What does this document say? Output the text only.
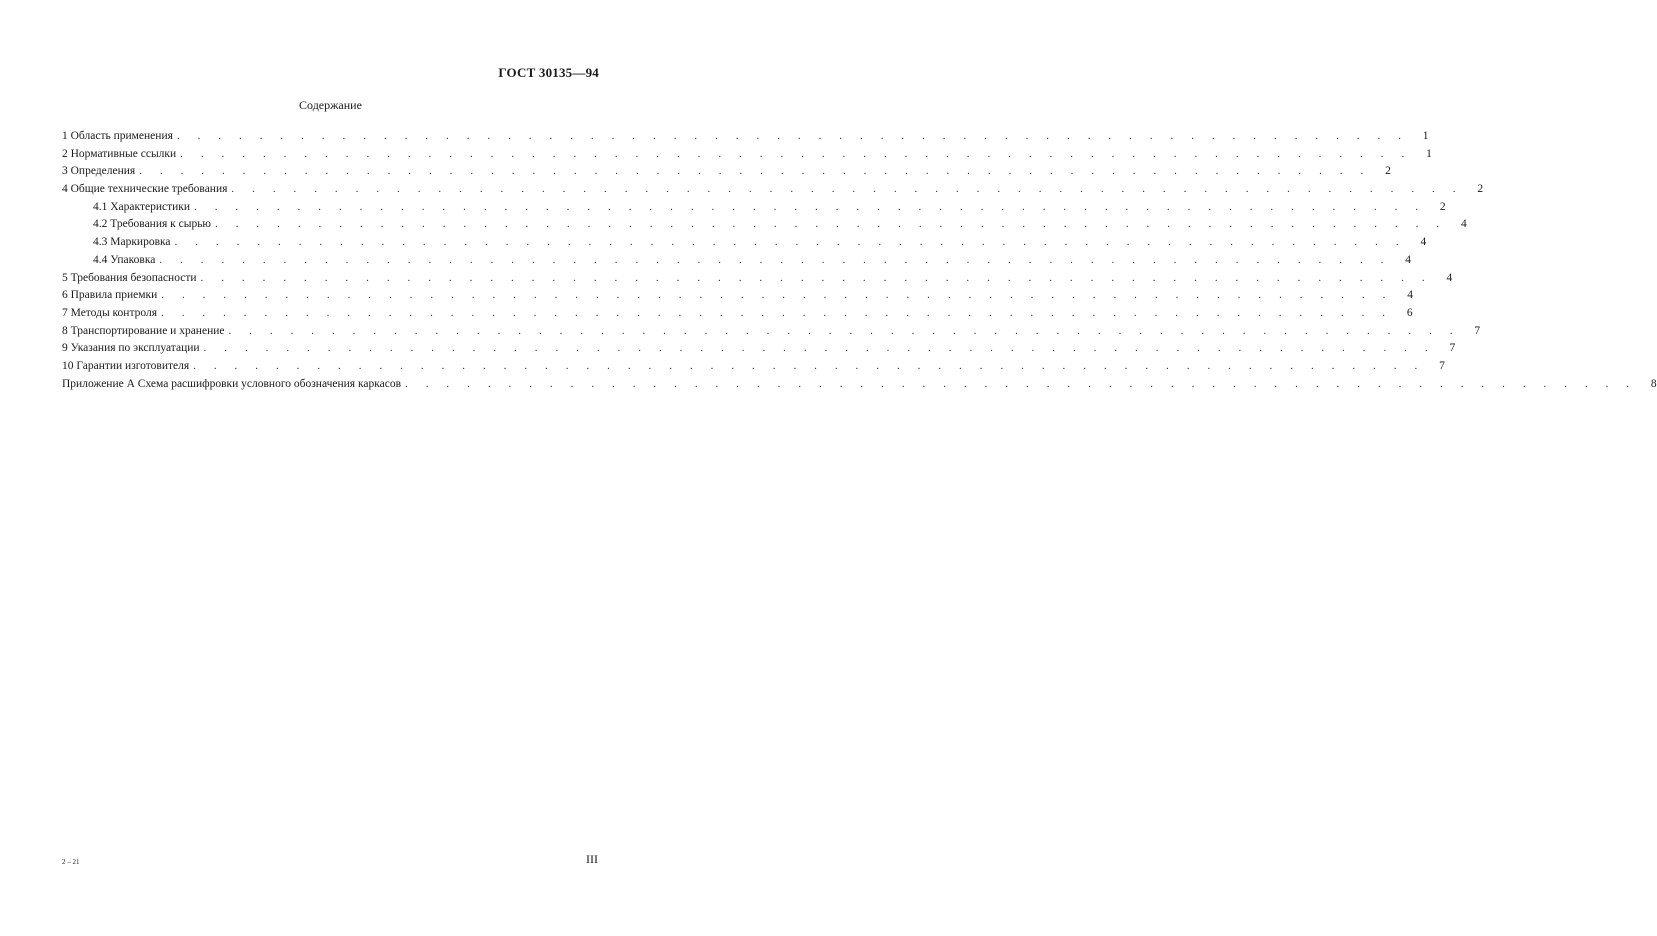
ГОСТ 30135—94
Содержание
1 Область применения . . . . . . . . . . . . . . . . . . . . . . . . . . . . . . . . . . . . . . . . . . . . . . . . . . . . . . . . . . . .	1
2 Нормативные ссылки . . . . . . . . . . . . . . . . . . . . . . . . . . . . . . . . . . . . . . . . . . . . . . . . . . . . . . . . . . . .	1
3 Определения . . . . . . . . . . . . . . . . . . . . . . . . . . . . . . . . . . . . . . . . . . . . . . . . . . . . . . . . . . . .	2
4 Общие технические требования . . . . . . . . . . . . . . . . . . . . . . . . . . . . . . . . . . . . . . . . . . . . . . . . . . . . . . . . . . . .	2
4.1 Характеристики . . . . . . . . . . . . . . . . . . . . . . . . . . . . . . . . . . . . . . . . . . . . . . . . . . . . . . . . . . . .	2
4.2 Требования к сырью . . . . . . . . . . . . . . . . . . . . . . . . . . . . . . . . . . . . . . . . . . . . . . . . . . . . . . . . . . . .	4
4.3 Маркировка . . . . . . . . . . . . . . . . . . . . . . . . . . . . . . . . . . . . . . . . . . . . . . . . . . . . . . . . . . . .	4
4.4 Упаковка . . . . . . . . . . . . . . . . . . . . . . . . . . . . . . . . . . . . . . . . . . . . . . . . . . . . . . . . . . . .	4
5 Требования безопасности . . . . . . . . . . . . . . . . . . . . . . . . . . . . . . . . . . . . . . . . . . . . . . . . . . . . . . . . . . . .	4
6 Правила приемки . . . . . . . . . . . . . . . . . . . . . . . . . . . . . . . . . . . . . . . . . . . . . . . . . . . . . . . . . . . .	4
7 Методы контроля . . . . . . . . . . . . . . . . . . . . . . . . . . . . . . . . . . . . . . . . . . . . . . . . . . . . . . . . . . . .	6
8 Транспортирование и хранение . . . . . . . . . . . . . . . . . . . . . . . . . . . . . . . . . . . . . . . . . . . . . . . . . . . . . . . . . . . .	7
9 Указания по эксплуатации . . . . . . . . . . . . . . . . . . . . . . . . . . . . . . . . . . . . . . . . . . . . . . . . . . . . . . . . . . . .	7
10 Гарантии изготовителя . . . . . . . . . . . . . . . . . . . . . . . . . . . . . . . . . . . . . . . . . . . . . . . . . . . . . . . . . . . .	7
Приложение А Схема расшифровки условного обозначения каркасов . . . . . . . . . . . . . . . . . . . . . . . . . . . . . . . . . . . . . . . . . . . . . . . . . . . . . . . . . . . .	8
2 – 21	III
